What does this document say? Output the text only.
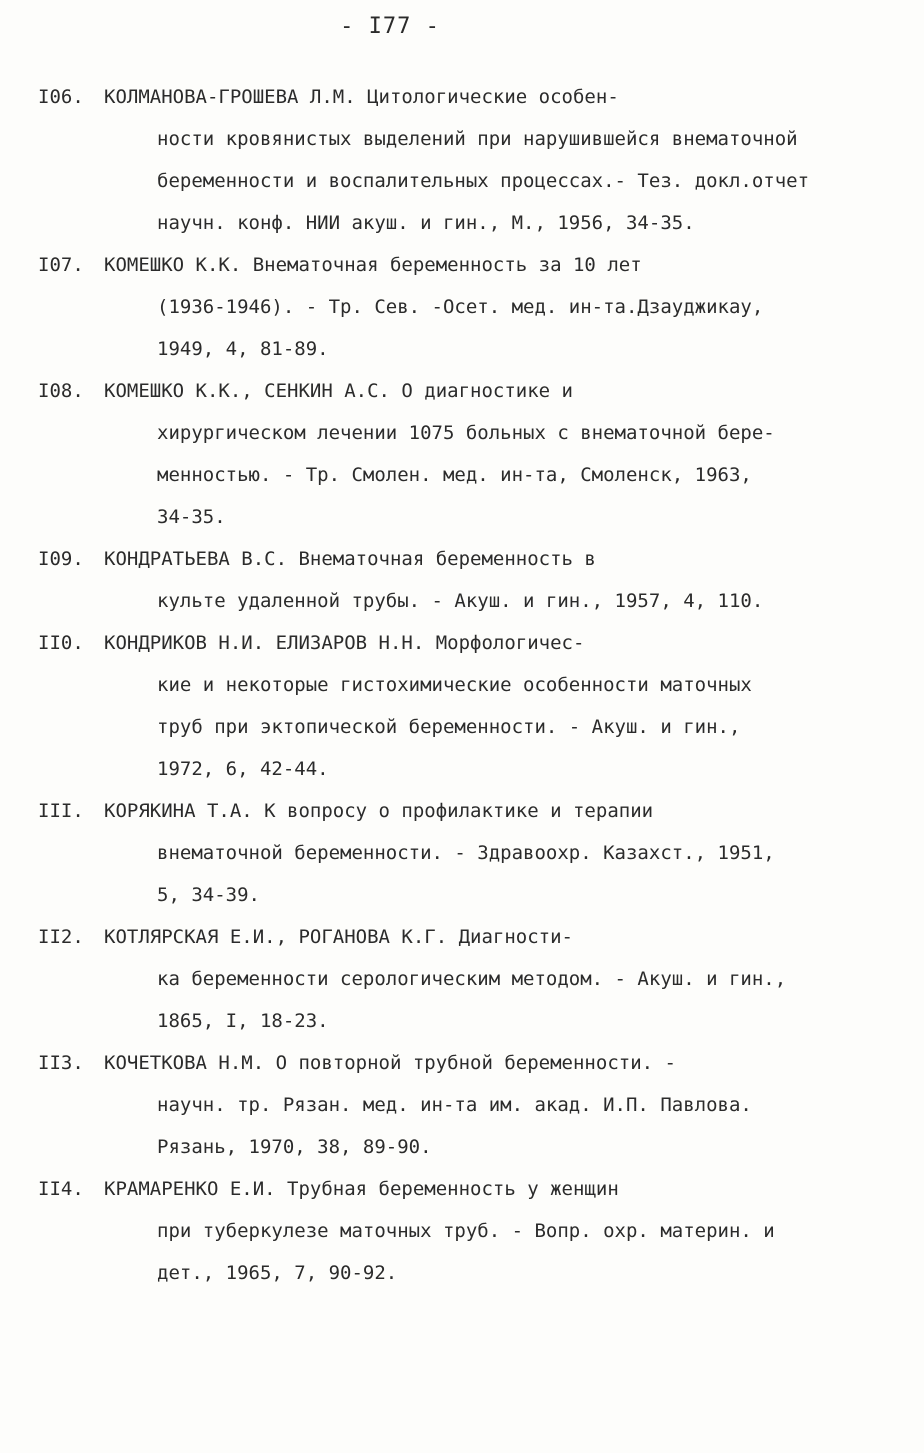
- I77 -
I06.	КОЛМАНОВА-ГРОШЕВА Л.М. Цитологические особен-
ности кровянистых выделений при нарушившейся внематочной
беременности и воспалительных процессах.- Тез. докл.отчет
научн. конф. НИИ акуш. и гин., М., 1956, 34-35.
I07.	КОМЕШКО К.К. Внематочная беременность за 10 лет
(1936-1946). - Тр. Сев. -Осет. мед. ин-та.Дзауджикау,
1949, 4, 81-89.
I08.	КОМЕШКО К.К., СЕНКИН А.С. О диагностике и
хирургическом лечении 1075 больных с внематочной бере-
менностью. - Тр. Смолен. мед. ин-та, Смоленск, 1963,
34-35.
I09.	КОНДРАТЬЕВА В.С. Внематочная беременность в
культе удаленной трубы. - Акуш. и гин., 1957, 4, 110.
II0.	КОНДРИКОВ Н.И. ЕЛИЗАРОВ Н.Н. Морфологичес-
кие и некоторые гистохимические особенности маточных
труб при эктопической беременности. - Акуш. и гин.,
1972, 6, 42-44.
III.	КОРЯКИНА Т.А. К вопросу о профилактике и терапии
внематочной беременности. - Здравоохр. Казахст., 1951,
5, 34-39.
II2.	КОТЛЯРСКАЯ Е.И., РОГАНОВА К.Г. Диагности-
ка беременности серологическим методом. - Акуш. и гин.,
1865, I, 18-23.
II3.	КОЧЕТКОВА Н.М. О повторной трубной беременности. -
научн. тр. Рязан. мед. ин-та им. акад. И.П. Павлова.
Рязань, 1970, 38, 89-90.
II4.	КРАМАРЕНКО Е.И. Трубная беременность у женщин
при туберкулезе маточных труб. - Вопр. охр. материн. и
дет., 1965, 7, 90-92.
